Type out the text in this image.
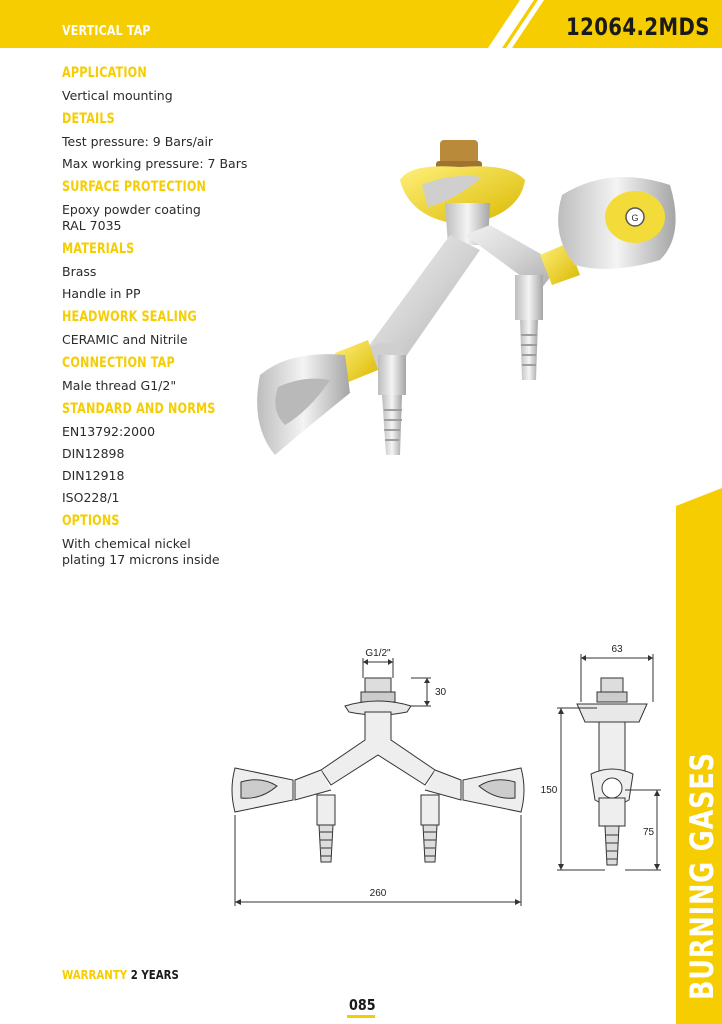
VERTICAL TAP	12064.2MDS

APPLICATION

Vertical mounting

DETAILS

Test pressure: 9 Bars/air

Max working pressure: 7 Bars

SURFACE PROTECTION

Epoxy powder coating

RAL 7035

MATERIALS

Brass

Handle in PP

HEADWORK SEALING

CERAMIC and Nitrile

CONNECTION TAP

Male thread G1/2"

STANDARD AND NORMS

EN13792:2000

DIN12898

DIN12918

ISO228/1

OPTIONS

With chemical nickel

plating 17 microns inside

G
G1/2"
30
260
63
150
75 BURNING GASES
WARRANTY 2 YEARS
085
